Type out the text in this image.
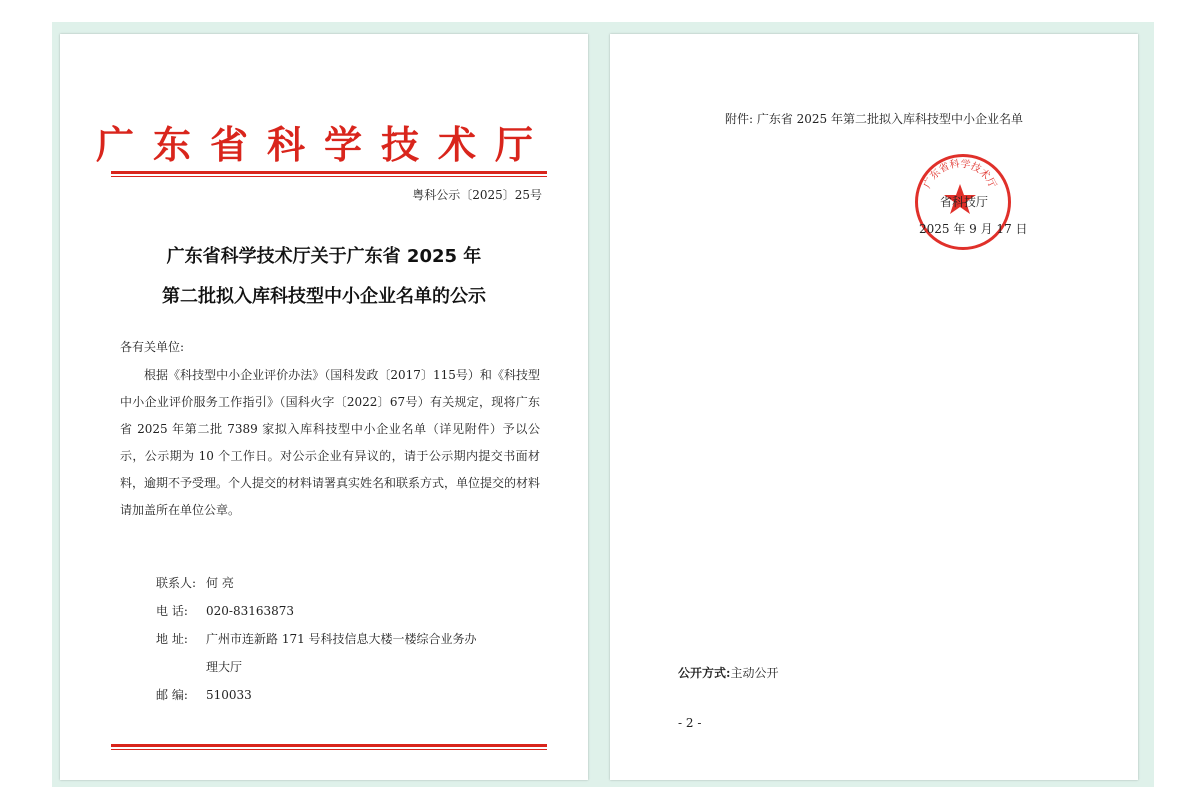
广东省科学技术厅
粤科公示〔2025〕25号
广东省科学技术厅关于广东省 2025 年
第二批拟入库科技型中小企业名单的公示
各有关单位:

根据《科技型中小企业评价办法》（国科发政〔2017〕115号）和《科技型中小企业评价服务工作指引》（国科火字〔2022〕67号）有关规定，现将广东省 2025 年第二批 7389 家拟入库科技型中小企业名单（详见附件）予以公示，公示期为 10 个工作日。对公示企业有异议的，请于公示期内提交书面材料，逾期不予受理。个人提交的材料请署真实姓名和联系方式，单位提交的材料请加盖所在单位公章。

联系人: 何 亮
电 话: 020-83163873
地 址: 广州市连新路 171 号科技信息大楼一楼综合业务办
理大厅
邮 编: 510033
附件: 广东省 2025 年第二批拟入库科技型中小企业名单
广东省科学技术厅
省科技厅
2025 年 9 月 17 日
公开方式:主动公开
- 2 -
